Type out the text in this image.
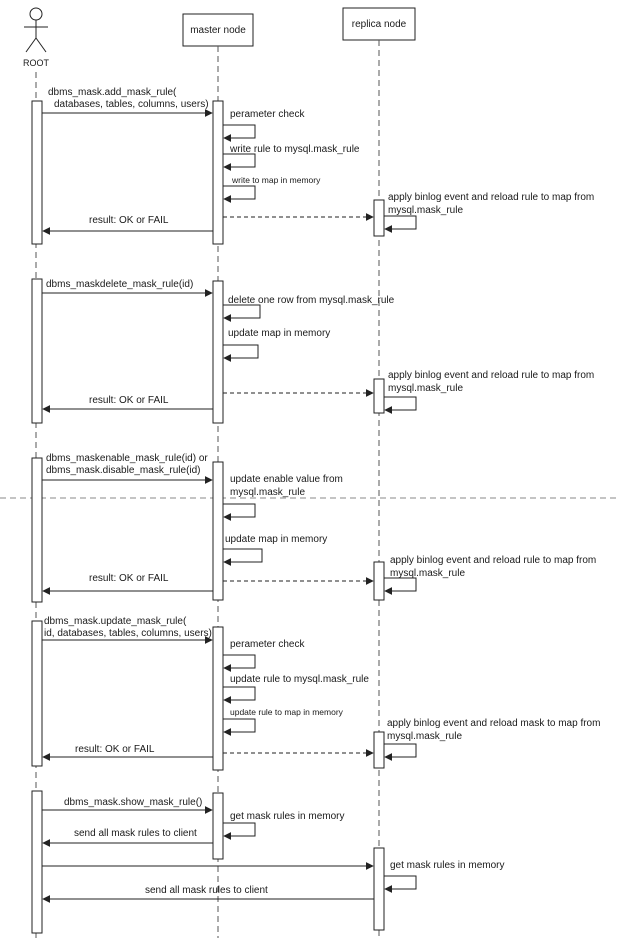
ROOT
master node
replica node
dbms_mask.add_mask_rule( databases, tables, columns, users)
perameter check
write rule to mysql.mask_rule
write to map in memory
apply binlog event and reload rule to map from mysql.mask_rule
result: OK or FAIL
dbms_maskdelete_mask_rule(id)
delete one row from mysql.mask_rule
update map in memory
apply binlog event and reload rule to map from mysql.mask_rule
result: OK or FAIL
dbms_maskenable_mask_rule(id) or dbms_mask.disable_mask_rule(id)
update enable value from mysql.mask_rule
update map in memory
apply binlog event and reload rule to map from mysql.mask_rule
result: OK or FAIL
dbms_mask.update_mask_rule( id, databases, tables, columns, users)
perameter check
update rule to mysql.mask_rule
update rule to map in memory
apply binlog event and reload mask to map from mysql.mask_rule
result: OK or FAIL
dbms_mask.show_mask_rule()
get mask rules in memory
send all mask rules to client
get mask rules in memory
send all mask rules to client
